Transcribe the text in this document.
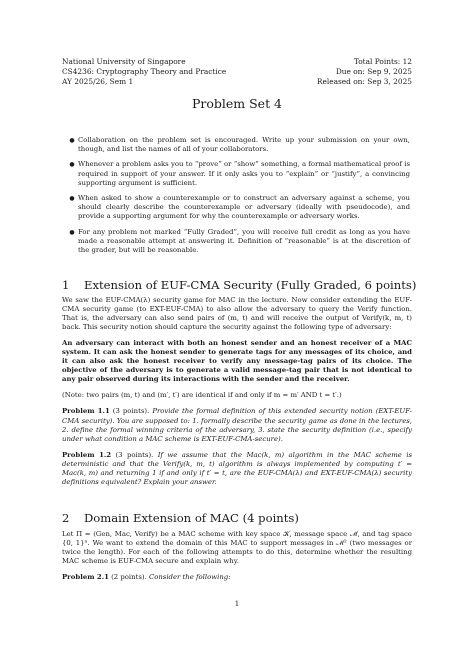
National University of Singapore
CS4236: Cryptography Theory and Practice
AY 2025/26, Sem 1
Total Points: 12
Due on: Sep 9, 2025
Released on: Sep 3, 2025
Problem Set 4
● Collaboration on the problem set is encouraged. Write up your submission on your own, though, and list the names of all of your collaborators.
● Whenever a problem asks you to “prove” or “show” something, a formal mathematical proof is required in support of your answer. If it only asks you to “explain” or “justify”, a convincing supporting argument is sufficient.
● When asked to show a counterexample or to construct an adversary against a scheme, you should clearly describe the counterexample or adversary (ideally with pseudocode), and provide a supporting argument for why the counterexample or adversary works.
● For any problem not marked “Fully Graded”, you will receive full credit as long as you have made a reasonable attempt at answering it. Definition of “reasonable” is at the discretion of the grader, but will be reasonable.
1 Extension of EUF-CMA Security (Fully Graded, 6 points)

We saw the EUF-CMA(λ) security game for MAC in the lecture. Now consider extending the EUF-CMA security game (to EXT-EUF-CMA) to also allow the adversary to query the Verify function. That is, the adversary can also send pairs of (m, t) and will receive the output of Verify(k, m, t) back. This security notion should capture the security against the following type of adversary:

An adversary can interact with both an honest sender and an honest receiver of a MAC system. It can ask the honest sender to generate tags for any messages of its choice, and it can also ask the honest receiver to verify any message-tag pairs of its choice. The objective of the adversary is to generate a valid message-tag pair that is not identical to any pair observed during its interactions with the sender and the receiver.

(Note: two pairs (m, t) and (m′, t′) are identical if and only if m = m′ AND t = t′.)

Problem 1.1 (3 points). Provide the formal definition of this extended security notion (EXT-EUF-CMA security). You are supposed to: 1. formally describe the security game as done in the lectures, 2. define the formal winning criteria of the adversary, 3. state the security definition (i.e., specify under what condition a MAC scheme is EXT-EUF-CMA-secure).

Problem 1.2 (3 points). If we assume that the Mac(k, m) algorithm in the MAC scheme is deterministic and that the Verify(k, m, t) algorithm is always implemented by computing t′ = Mac(k, m) and returning 1 if and only if t′ = t, are the EUF-CMA(λ) and EXT-EUF-CMA(λ) security definitions equivalent? Explain your answer.

2 Domain Extension of MAC (4 points)

Let Π = (Gen, Mac, Verify) be a MAC scheme with key space 𝒦, message space ℳ, and tag space {0, 1}ⁿ. We want to extend the domain of this MAC to support messages in ℳ² (two messages or twice the length). For each of the following attempts to do this, determine whether the resulting MAC scheme is EUF-CMA secure and explain why.

Problem 2.1 (2 points). Consider the following:

1
